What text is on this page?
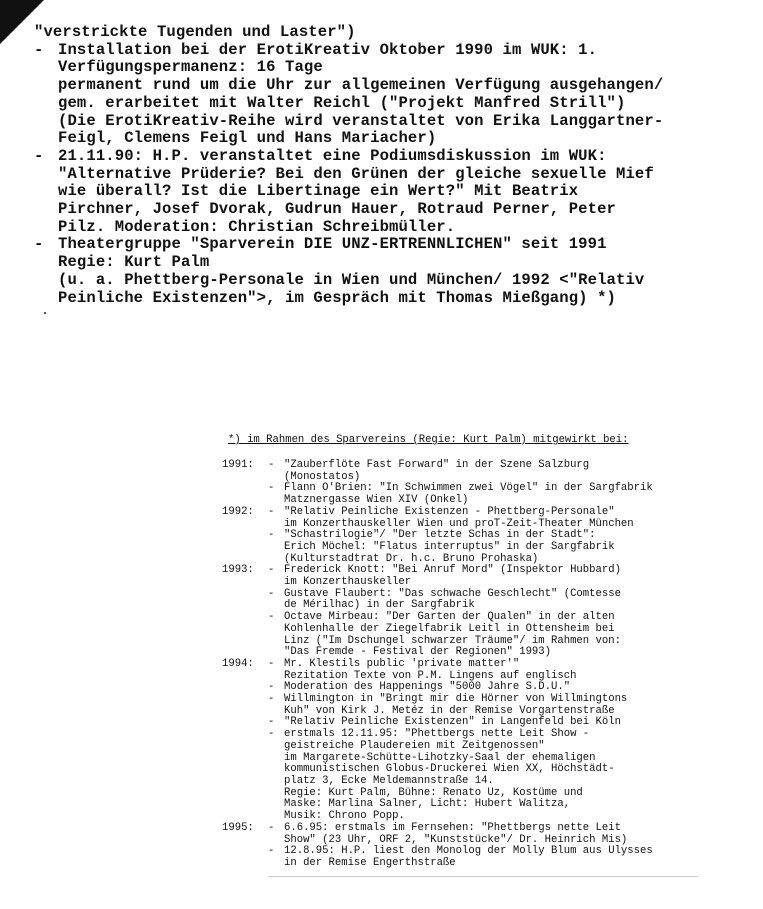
"verstrickte Tugenden und Laster")
- Installation bei der ErotiKreativ Oktober 1990 im WUK: 1.
Verfügungspermanenz: 16 Tage
permanent rund um die Uhr zur allgemeinen Verfügung ausgehangen/
gem. erarbeitet mit Walter Reichl ("Projekt Manfred Strill")
(Die ErotiKreativ-Reihe wird veranstaltet von Erika Langgartner-
Feigl, Clemens Feigl und Hans Mariacher)
- 21.11.90: H.P. veranstaltet eine Podiumsdiskussion im WUK:
"Alternative Prüderie? Bei den Grünen der gleiche sexuelle Mief
wie überall? Ist die Libertinage ein Wert?" Mit Beatrix
Pirchner, Josef Dvorak, Gudrun Hauer, Rotraud Perner, Peter
Pilz. Moderation: Christian Schreibmüller.
- Theatergruppe "Sparverein DIE UNZ-ERTRENNLICHEN" seit 1991
Regie: Kurt Palm
(u. a. Phettberg-Personale in Wien und München/ 1992 <"Relativ
Peinliche Existenzen">, im Gespräch mit Thomas Mießgang) *)
*) im Rahmen des Sparvereins (Regie: Kurt Palm) mitgewirkt bei:
1991: - "Zauberflöte Fast Forward" in der Szene Salzburg
(Monostatos)
- Flann O'Brien: "In Schwimmen zwei Vögel" in der Sargfabrik
Matznergasse Wien XIV (Onkel)
1992: - "Relativ Peinliche Existenzen - Phettberg-Personale"
im Konzerthauskeller Wien und proT-Zeit-Theater München
- "Schastrilogie"/ "Der letzte Schas in der Stadt":
Erich Möchel: "Flatus interruptus" in der Sargfabrik
(Kulturstadtrat Dr. h.c. Bruno Prohaska)
1993: - Frederick Knott: "Bei Anruf Mord" (Inspektor Hubbard)
im Konzerthauskeller
- Gustave Flaubert: "Das schwache Geschlecht" (Comtesse
de Mérilhac) in der Sargfabrik
- Octave Mirbeau: "Der Garten der Qualen" in der alten
Kohlenhalle der Ziegelfabrik Leitl in Ottensheim bei
Linz ("Im Dschungel schwarzer Träume"/ im Rahmen von:
"Das Fremde - Festival der Regionen" 1993)
1994: - Mr. Klestils public 'private matter'"
Rezitation Texte von P.M. Lingens auf englisch
- Moderation des Happenings "5000 Jahre S.D.U."
- Willmington in "Bringt mir die Hörner von Willmingtons
Kuh" von Kirk J. Metéz in der Remise Vorgartenstraße
- "Relativ Peinliche Existenzen" in Langenfeld bei Köln
- erstmals 12.11.95: "Phettbergs nette Leit Show -
geistreiche Plaudereien mit Zeitgenossen"
im Margarete-Schütte-Lihotzky-Saal der ehemaligen
kommunistischen Globus-Druckerei Wien XX, Höchstädt-
platz 3, Ecke Meldemannstraße 14.
Regie: Kurt Palm, Bühne: Renato Uz, Kostüme und
Maske: Marlina Salner, Licht: Hubert Walitza,
Musik: Chrono Popp.
1995: - 6.6.95: erstmals im Fernsehen: "Phettbergs nette Leit
Show" (23 Uhr, ORF 2, "Kunststücke"/ Dr. Heinrich Mis)
- 12.8.95: H.P. liest den Monolog der Molly Blum aus Ulysses
in der Remise Engerthstraße
